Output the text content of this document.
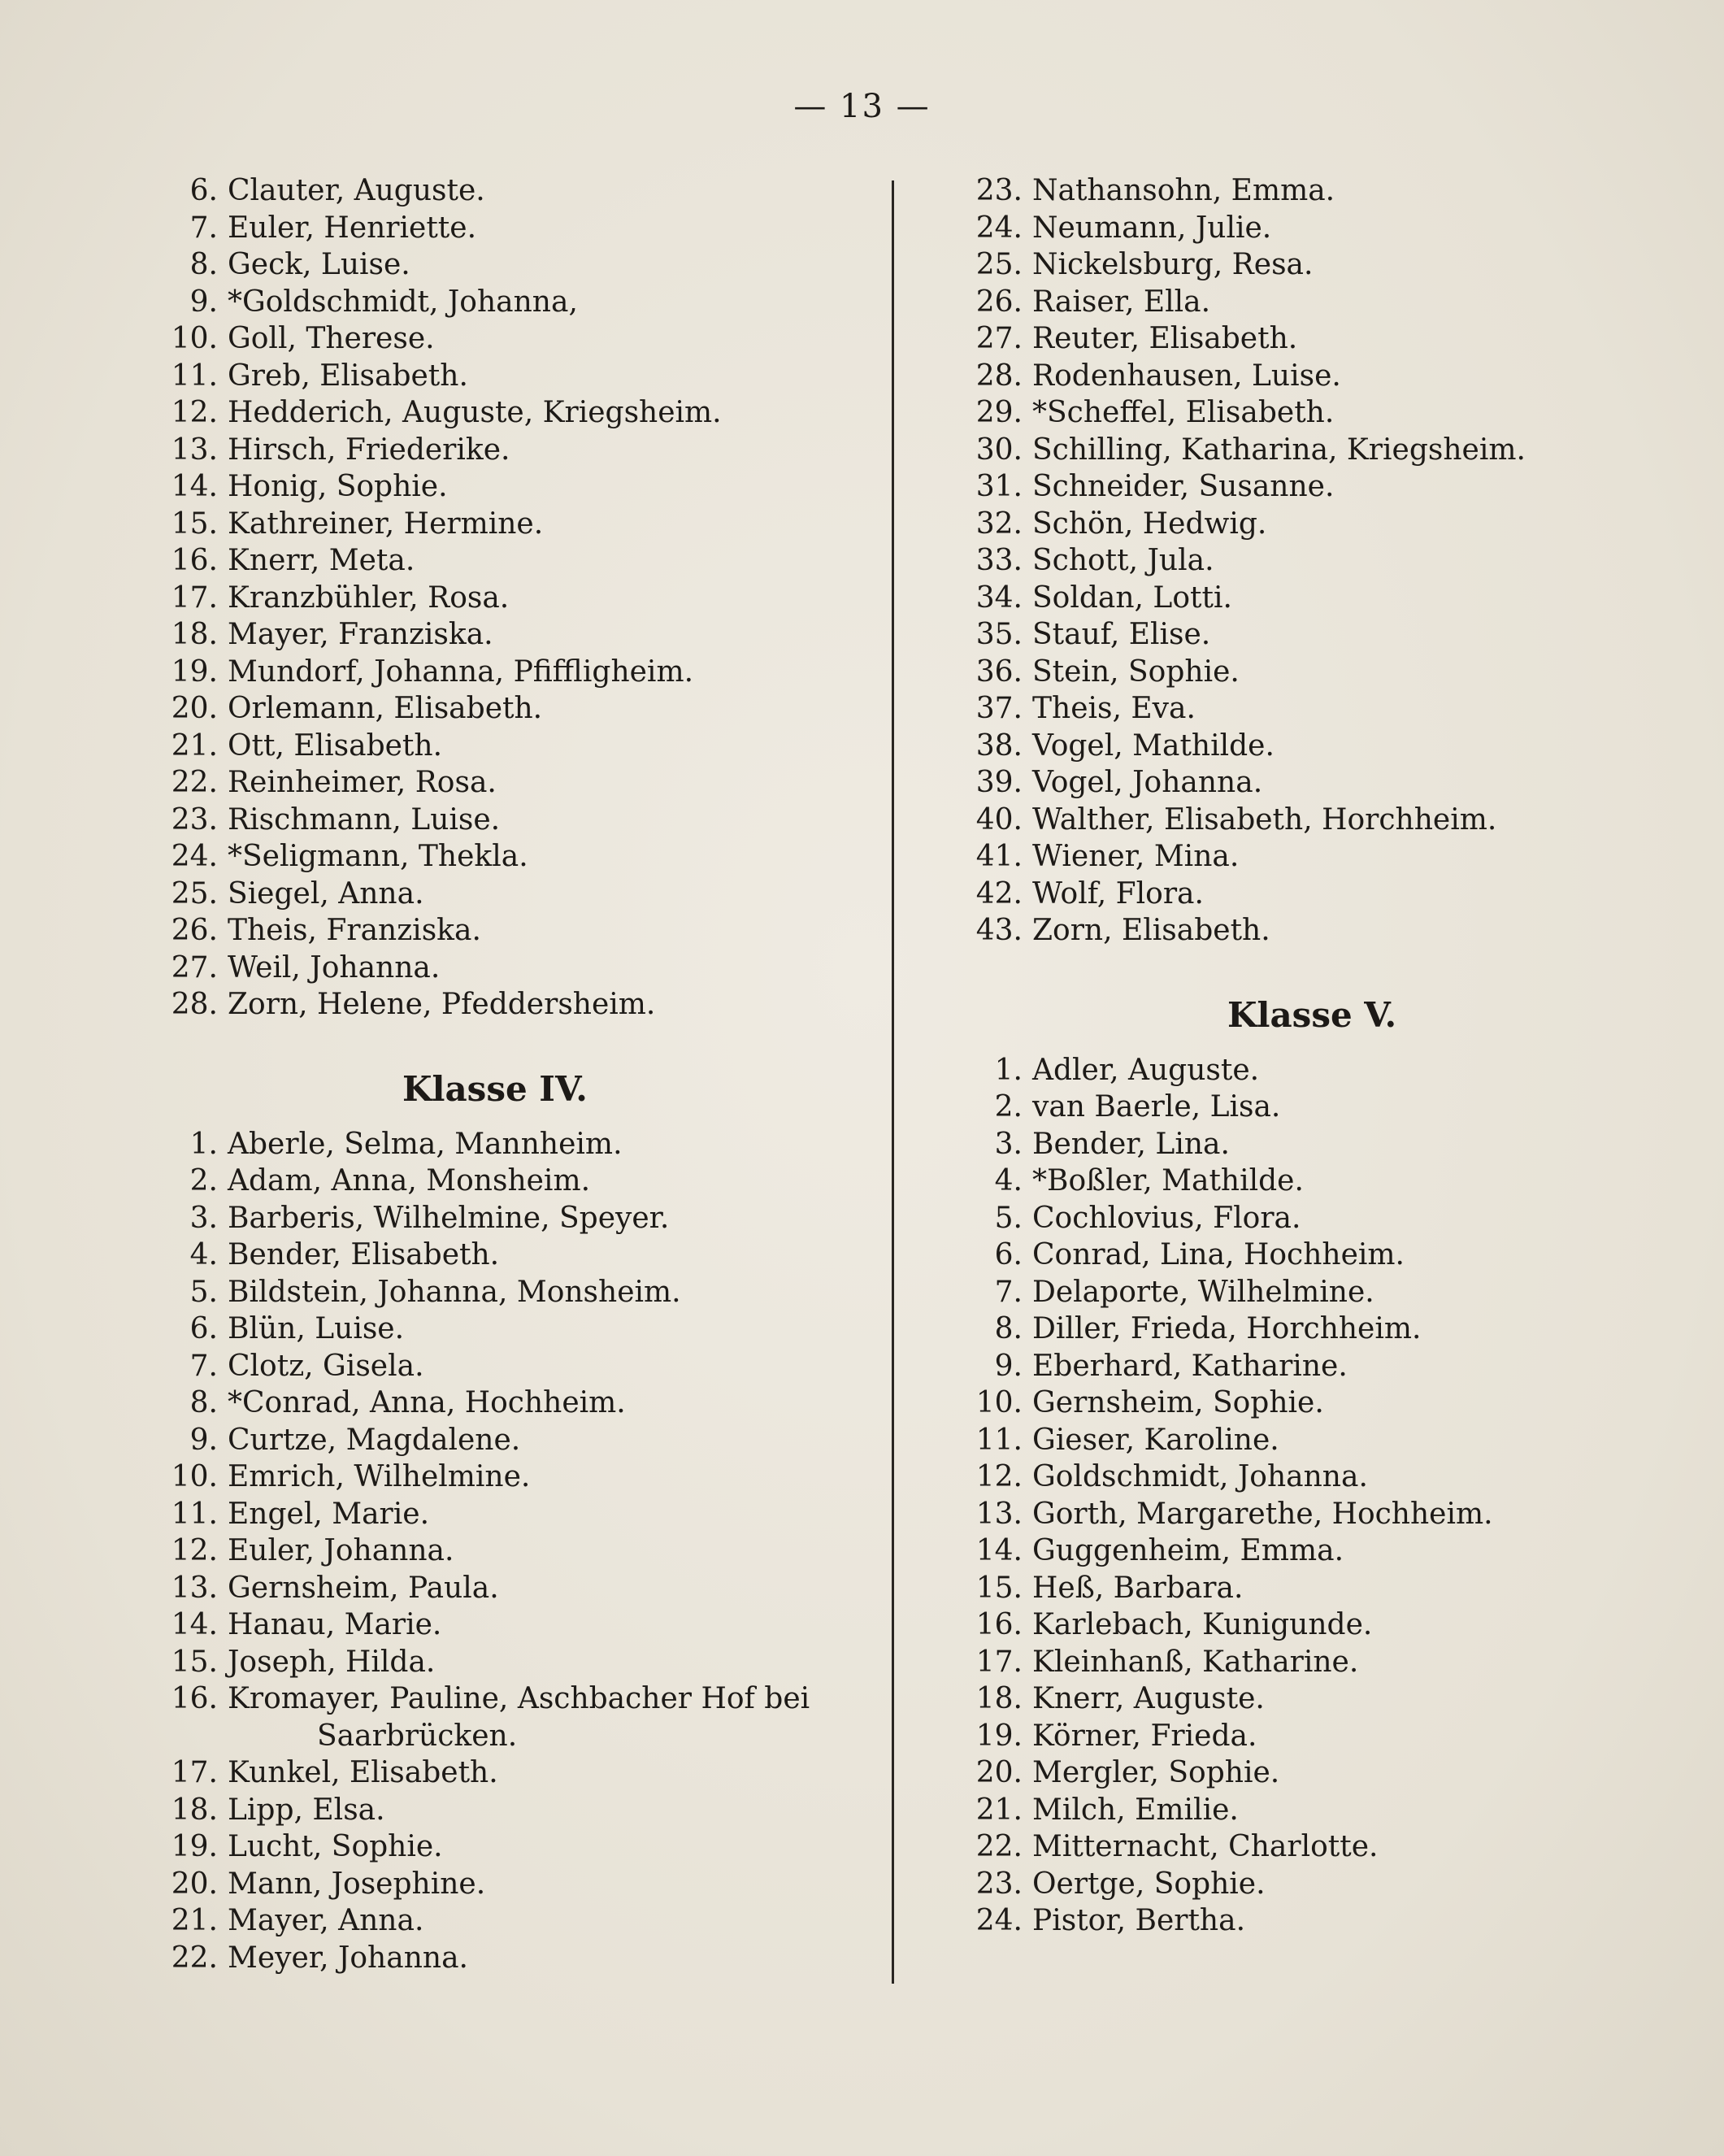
— 13 —
6. Clauter, Auguste.
7. Euler, Henriette.
8. Geck, Luise.
9. *Goldschmidt, Johanna,
10. Goll, Therese.
11. Greb, Elisabeth.
12. Hedderich, Auguste, Kriegsheim.
13. Hirsch, Friederike.
14. Honig, Sophie.
15. Kathreiner, Hermine.
16. Knerr, Meta.
17. Kranzbühler, Rosa.
18. Mayer, Franziska.
19. Mundorf, Johanna, Pfiffligheim.
20. Orlemann, Elisabeth.
21. Ott, Elisabeth.
22. Reinheimer, Rosa.
23. Rischmann, Luise.
24. *Seligmann, Thekla.
25. Siegel, Anna.
26. Theis, Franziska.
27. Weil, Johanna.
28. Zorn, Helene, Pfeddersheim.
Klasse IV.
1. Aberle, Selma, Mannheim.
2. Adam, Anna, Monsheim.
3. Barberis, Wilhelmine, Speyer.
4. Bender, Elisabeth.
5. Bildstein, Johanna, Monsheim.
6. Blün, Luise.
7. Clotz, Gisela.
8. *Conrad, Anna, Hochheim.
9. Curtze, Magdalene.
10. Emrich, Wilhelmine.
11. Engel, Marie.
12. Euler, Johanna.
13. Gernsheim, Paula.
14. Hanau, Marie.
15. Joseph, Hilda.
16. Kromayer, Pauline, Aschbacher Hof bei
Saarbrücken.
17. Kunkel, Elisabeth.
18. Lipp, Elsa.
19. Lucht, Sophie.
20. Mann, Josephine.
21. Mayer, Anna.
22. Meyer, Johanna.
23. Nathansohn, Emma.
24. Neumann, Julie.
25. Nickelsburg, Resa.
26. Raiser, Ella.
27. Reuter, Elisabeth.
28. Rodenhausen, Luise.
29. *Scheffel, Elisabeth.
30. Schilling, Katharina, Kriegsheim.
31. Schneider, Susanne.
32. Schön, Hedwig.
33. Schott, Jula.
34. Soldan, Lotti.
35. Stauf, Elise.
36. Stein, Sophie.
37. Theis, Eva.
38. Vogel, Mathilde.
39. Vogel, Johanna.
40. Walther, Elisabeth, Horchheim.
41. Wiener, Mina.
42. Wolf, Flora.
43. Zorn, Elisabeth.
Klasse V.
1. Adler, Auguste.
2. van Baerle, Lisa.
3. Bender, Lina.
4. *Boßler, Mathilde.
5. Cochlovius, Flora.
6. Conrad, Lina, Hochheim.
7. Delaporte, Wilhelmine.
8. Diller, Frieda, Horchheim.
9. Eberhard, Katharine.
10. Gernsheim, Sophie.
11. Gieser, Karoline.
12. Goldschmidt, Johanna.
13. Gorth, Margarethe, Hochheim.
14. Guggenheim, Emma.
15. Heß, Barbara.
16. Karlebach, Kunigunde.
17. Kleinhanß, Katharine.
18. Knerr, Auguste.
19. Körner, Frieda.
20. Mergler, Sophie.
21. Milch, Emilie.
22. Mitternacht, Charlotte.
23. Oertge, Sophie.
24. Pistor, Bertha.
